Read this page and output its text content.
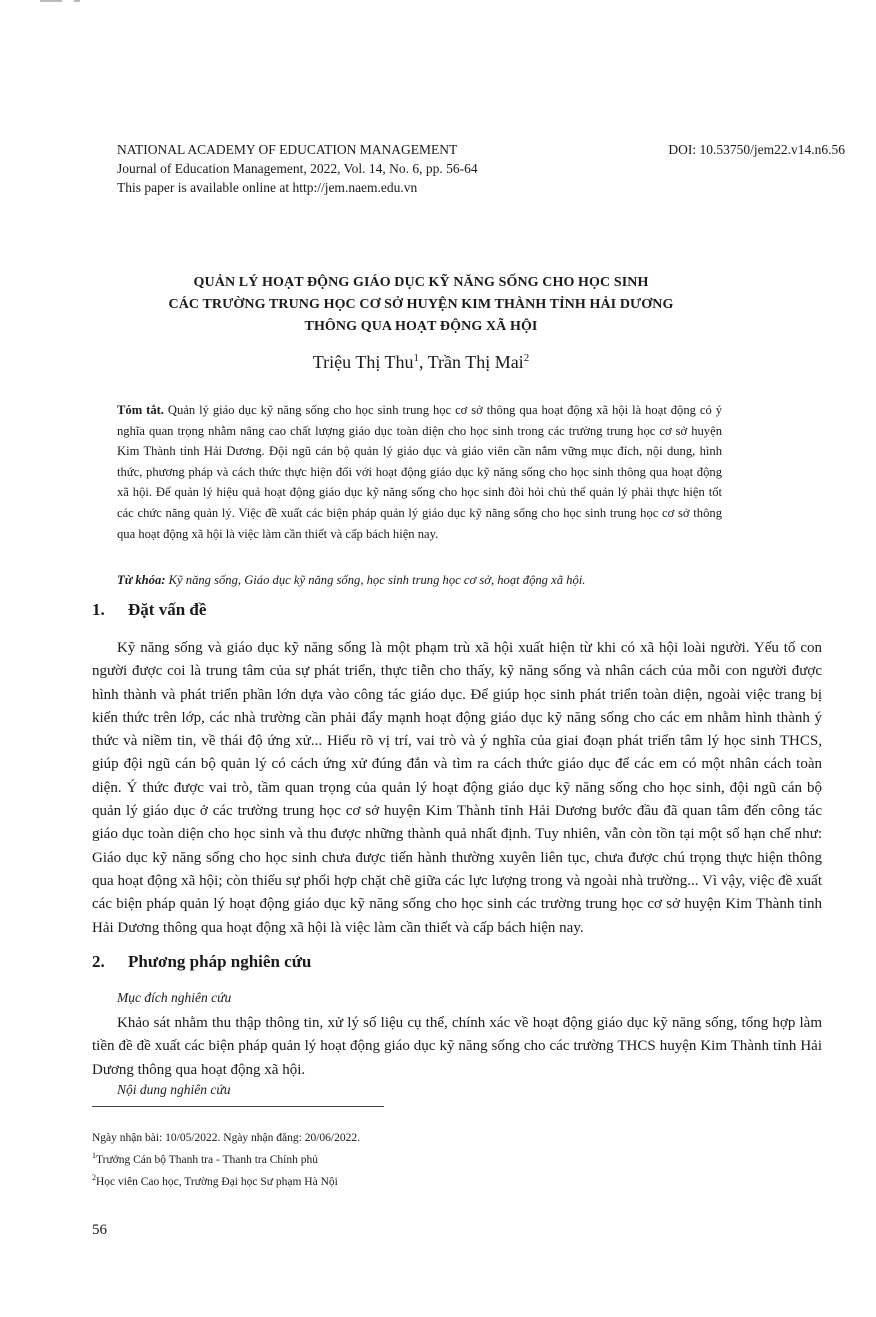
NATIONAL ACADEMY OF EDUCATION MANAGEMENT	DOI: 10.53750/jem22.v14.n6.56
Journal of Education Management, 2022, Vol. 14, No. 6, pp. 56-64
This paper is available online at http://jem.naem.edu.vn
QUẢN LÝ HOẠT ĐỘNG GIÁO DỤC KỸ NĂNG SỐNG CHO HỌC SINH
CÁC TRƯỜNG TRUNG HỌC CƠ SỞ HUYỆN KIM THÀNH TỈNH HẢI DƯƠNG
THÔNG QUA HOẠT ĐỘNG XÃ HỘI
Triệu Thị Thu$^1$, Trần Thị Mai$^2$
Tóm tắt. Quản lý giáo dục kỹ năng sống cho học sinh trung học cơ sở thông qua hoạt động xã hội là hoạt động có ý nghĩa quan trọng nhằm nâng cao chất lượng giáo dục toàn diện cho học sinh trong các trường trung học cơ sở huyện Kim Thành tỉnh Hải Dương. Đội ngũ cán bộ quản lý giáo dục và giáo viên cần nắm vững mục đích, nội dung, hình thức, phương pháp và cách thức thực hiện đối với hoạt động giáo dục kỹ năng sống cho học sinh thông qua hoạt động xã hội. Để quản lý hiệu quả hoạt động giáo dục kỹ năng sống cho học sinh đòi hỏi chủ thể quản lý phải thực hiện tốt các chức năng quản lý. Việc đề xuất các biện pháp quản lý giáo dục kỹ năng sống cho học sinh trung học cơ sở thông qua hoạt động xã hội là việc làm cần thiết và cấp bách hiện nay.
Từ khóa: Kỹ năng sống, Giáo dục kỹ năng sống, học sinh trung học cơ sở, hoạt động xã hội.
1. Đặt vấn đề

Kỹ năng sống và giáo dục kỹ năng sống là một phạm trù xã hội xuất hiện từ khi có xã hội loài người. Yếu tố con người được coi là trung tâm của sự phát triển, thực tiễn cho thấy, kỹ năng sống và nhân cách của mỗi con người được hình thành và phát triển phần lớn dựa vào công tác giáo dục. Để giúp học sinh phát triển toàn diện, ngoài việc trang bị kiến thức trên lớp, các nhà trường cần phải đẩy mạnh hoạt động giáo dục kỹ năng sống cho các em nhằm hình thành ý thức và niềm tin, về thái độ ứng xử... Hiểu rõ vị trí, vai trò và ý nghĩa của giai đoạn phát triển tâm lý học sinh THCS, giúp đội ngũ cán bộ quản lý có cách ứng xử đúng đắn và tìm ra cách thức giáo dục để các em có một nhân cách toàn diện. Ý thức được vai trò, tầm quan trọng của quản lý hoạt động giáo dục kỹ năng sống cho học sinh, đội ngũ cán bộ quản lý giáo dục ở các trường trung học cơ sở huyện Kim Thành tỉnh Hải Dương bước đầu đã quan tâm đến công tác giáo dục toàn diện cho học sinh và thu được những thành quả nhất định. Tuy nhiên, vẫn còn tồn tại một số hạn chế như: Giáo dục kỹ năng sống cho học sinh chưa được tiến hành thường xuyên liên tục, chưa được chú trọng thực hiện thông qua hoạt động xã hội; còn thiếu sự phối hợp chặt chẽ giữa các lực lượng trong và ngoài nhà trường... Vì vậy, việc đề xuất các biện pháp quản lý hoạt động giáo dục kỹ năng sống cho học sinh các trường trung học cơ sở huyện Kim Thành tỉnh Hải Dương thông qua hoạt động xã hội là việc làm cần thiết và cấp bách hiện nay.

2. Phương pháp nghiên cứu
Mục đích nghiên cứu

Khảo sát nhằm thu thập thông tin, xử lý số liệu cụ thể, chính xác về hoạt động giáo dục kỹ năng sống, tổng hợp làm tiền đề đề xuất các biện pháp quản lý hoạt động giáo dục kỹ năng sống cho các trường THCS huyện Kim Thành tỉnh Hải Dương thông qua hoạt động xã hội.

Nội dung nghiên cứu
Ngày nhận bài: 10/05/2022. Ngày nhận đăng: 20/06/2022.
$^1$Trưởng Cán bộ Thanh tra - Thanh tra Chính phủ
$^2$Học viên Cao học, Trường Đại học Sư phạm Hà Nội
56
